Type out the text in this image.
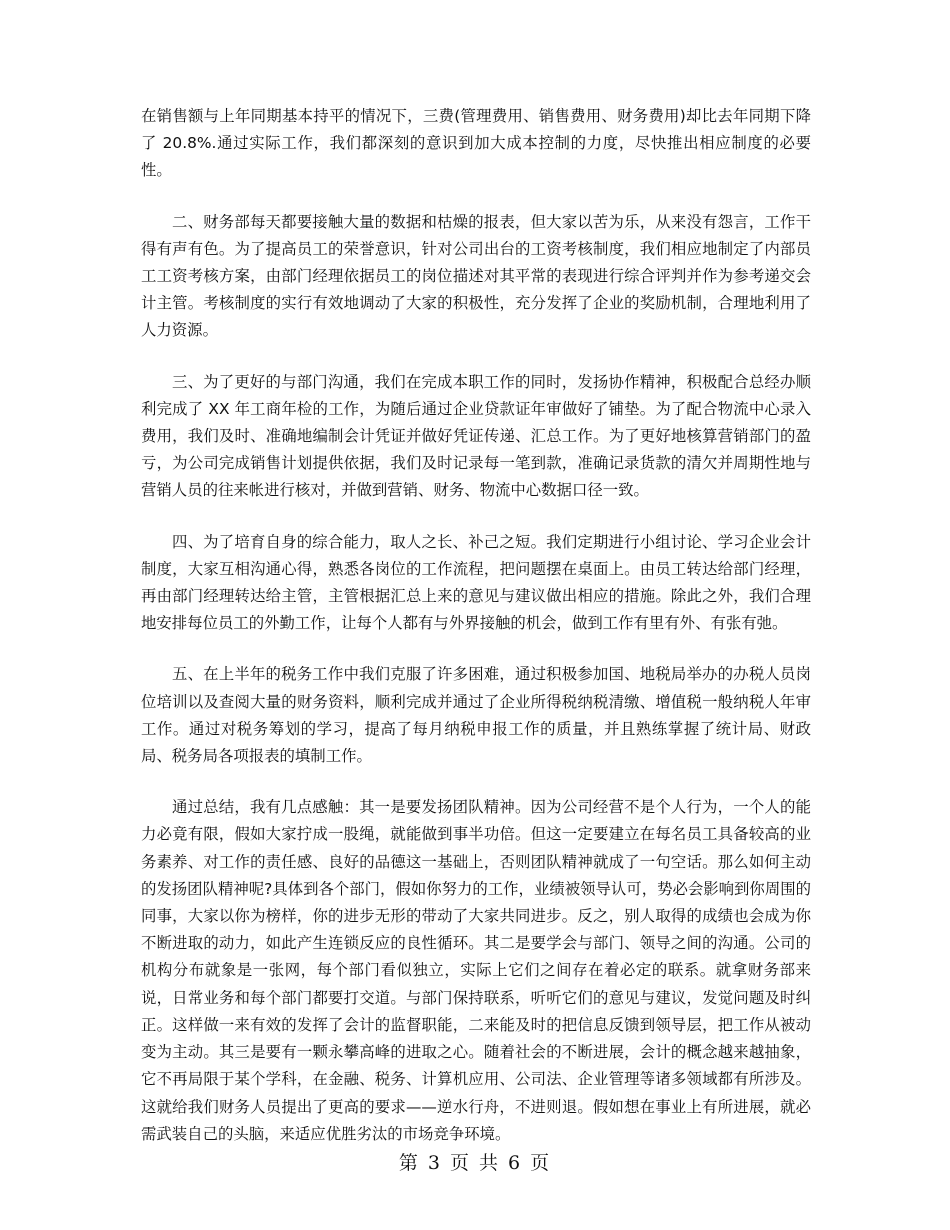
在销售额与上年同期基本持平的情况下，三费(管理费用、销售费用、财务费用)却比去年同期下降了 20.8%.通过实际工作，我们都深刻的意识到加大成本控制的力度，尽快推出相应制度的必要性。

二、财务部每天都要接触大量的数据和枯燥的报表，但大家以苦为乐，从来没有怨言，工作干得有声有色。为了提高员工的荣誉意识，针对公司出台的工资考核制度，我们相应地制定了内部员工工资考核方案，由部门经理依据员工的岗位描述对其平常的表现进行综合评判并作为参考递交会计主管。考核制度的实行有效地调动了大家的积极性，充分发挥了企业的奖励机制，合理地利用了人力资源。

三、为了更好的与部门沟通，我们在完成本职工作的同时，发扬协作精神，积极配合总经办顺利完成了 XX 年工商年检的工作，为随后通过企业贷款证年审做好了铺垫。为了配合物流中心录入费用，我们及时、准确地编制会计凭证并做好凭证传递、汇总工作。为了更好地核算营销部门的盈亏，为公司完成销售计划提供依据，我们及时记录每一笔到款，准确记录货款的清欠并周期性地与营销人员的往来帐进行核对，并做到营销、财务、物流中心数据口径一致。

四、为了培育自身的综合能力，取人之长、补己之短。我们定期进行小组讨论、学习企业会计制度，大家互相沟通心得，熟悉各岗位的工作流程，把问题摆在桌面上。由员工转达给部门经理，再由部门经理转达给主管，主管根据汇总上来的意见与建议做出相应的措施。除此之外，我们合理地安排每位员工的外勤工作，让每个人都有与外界接触的机会，做到工作有里有外、有张有弛。

五、在上半年的税务工作中我们克服了许多困难，通过积极参加国、地税局举办的办税人员岗位培训以及查阅大量的财务资料，顺利完成并通过了企业所得税纳税清缴、增值税一般纳税人年审工作。通过对税务筹划的学习，提高了每月纳税申报工作的质量，并且熟练掌握了统计局、财政局、税务局各项报表的填制工作。

通过总结，我有几点感触：其一是要发扬团队精神。因为公司经营不是个人行为，一个人的能力必竟有限，假如大家拧成一股绳，就能做到事半功倍。但这一定要建立在每名员工具备较高的业务素养、对工作的责任感、良好的品德这一基础上，否则团队精神就成了一句空话。那么如何主动的发扬团队精神呢?具体到各个部门，假如你努力的工作，业绩被领导认可，势必会影响到你周围的同事，大家以你为榜样，你的进步无形的带动了大家共同进步。反之，别人取得的成绩也会成为你不断进取的动力，如此产生连锁反应的良性循环。其二是要学会与部门、领导之间的沟通。公司的机构分布就象是一张网，每个部门看似独立，实际上它们之间存在着必定的联系。就拿财务部来说，日常业务和每个部门都要打交道。与部门保持联系，听听它们的意见与建议，发觉问题及时纠正。这样做一来有效的发挥了会计的监督职能，二来能及时的把信息反馈到领导层，把工作从被动变为主动。其三是要有一颗永攀高峰的进取之心。随着社会的不断进展，会计的概念越来越抽象，它不再局限于某个学科，在金融、税务、计算机应用、公司法、企业管理等诸多领域都有所涉及。这就给我们财务人员提出了更高的要求——逆水行舟，不进则退。假如想在事业上有所进展，就必需武装自己的头脑，来适应优胜劣汰的市场竞争环境。

第 3 页 共 6 页
